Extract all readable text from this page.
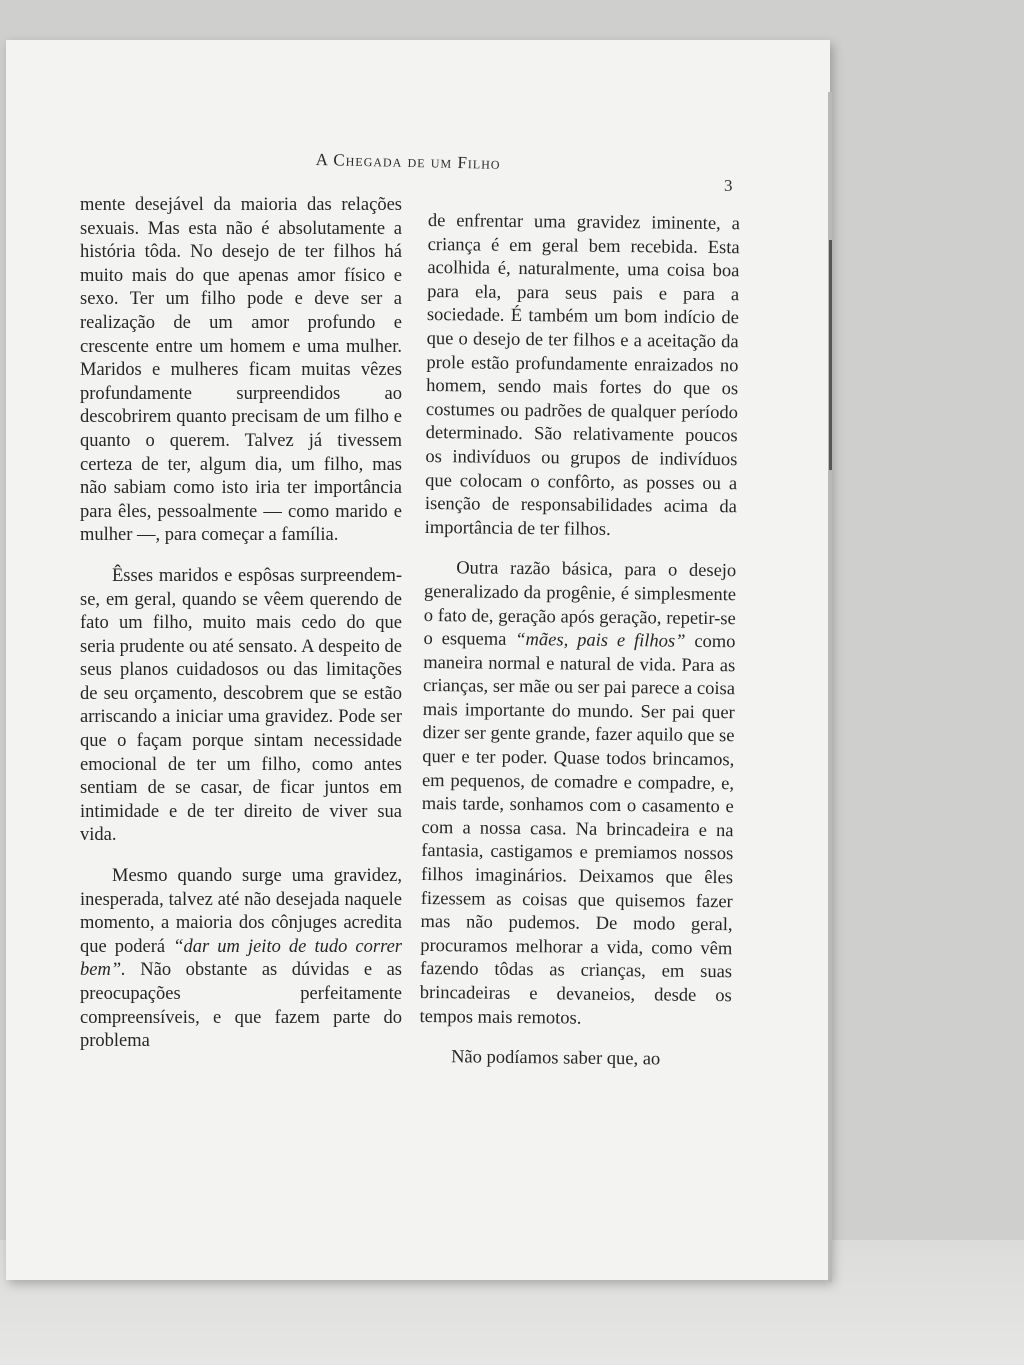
A Chegada de um Filho
3

mente desejável da maioria das relações sexuais. Mas esta não é absolutamente a história tôda. No desejo de ter filhos há muito mais do que apenas amor físico e sexo. Ter um filho pode e deve ser a realização de um amor profundo e crescente entre um homem e uma mulher. Maridos e mulheres ficam muitas vêzes profundamente surpreendidos ao descobrirem quanto precisam de um filho e quanto o querem. Talvez já tivessem certeza de ter, algum dia, um filho, mas não sabiam como isto iria ter importância para êles, pessoalmente — como marido e mulher —, para começar a família.

Êsses maridos e espôsas surpreendem-se, em geral, quando se vêem querendo de fato um filho, muito mais cedo do que seria prudente ou até sensato. A despeito de seus planos cuidadosos ou das limitações de seu orçamento, descobrem que se estão arriscando a iniciar uma gravidez. Pode ser que o façam porque sintam necessidade emocional de ter um filho, como antes sentiam de se casar, de ficar juntos em intimidade e de ter direito de viver sua vida.

Mesmo quando surge uma gravidez, inesperada, talvez até não desejada naquele momento, a maioria dos cônjuges acredita que poderá “dar um jeito de tudo correr bem”. Não obstante as dúvidas e as preocupações perfeitamente compreensíveis, e que fazem parte do problema

de enfrentar uma gravidez iminente, a criança é em geral bem recebida. Esta acolhida é, naturalmente, uma coisa boa para ela, para seus pais e para a sociedade. É também um bom indício de que o desejo de ter filhos e a aceitação da prole estão profundamente enraizados no homem, sendo mais fortes do que os costumes ou padrões de qualquer período determinado. São relativamente poucos os indivíduos ou grupos de indivíduos que colocam o confôrto, as posses ou a isenção de responsabilidades acima da importância de ter filhos.

Outra razão básica, para o desejo generalizado da progênie, é simplesmente o fato de, geração após geração, repetir-se o esquema “mães, pais e filhos” como maneira normal e natural de vida. Para as crianças, ser mãe ou ser pai parece a coisa mais importante do mundo. Ser pai quer dizer ser gente grande, fazer aquilo que se quer e ter poder. Quase todos brincamos, em pequenos, de comadre e compadre, e, mais tarde, sonhamos com o casamento e com a nossa casa. Na brincadeira e na fantasia, castigamos e premiamos nossos filhos imaginários. Deixamos que êles fizessem as coisas que quisemos fazer mas não pudemos. De modo geral, procuramos melhorar a vida, como vêm fazendo tôdas as crianças, em suas brincadeiras e devaneios, desde os tempos mais remotos.

Não podíamos saber que, ao
